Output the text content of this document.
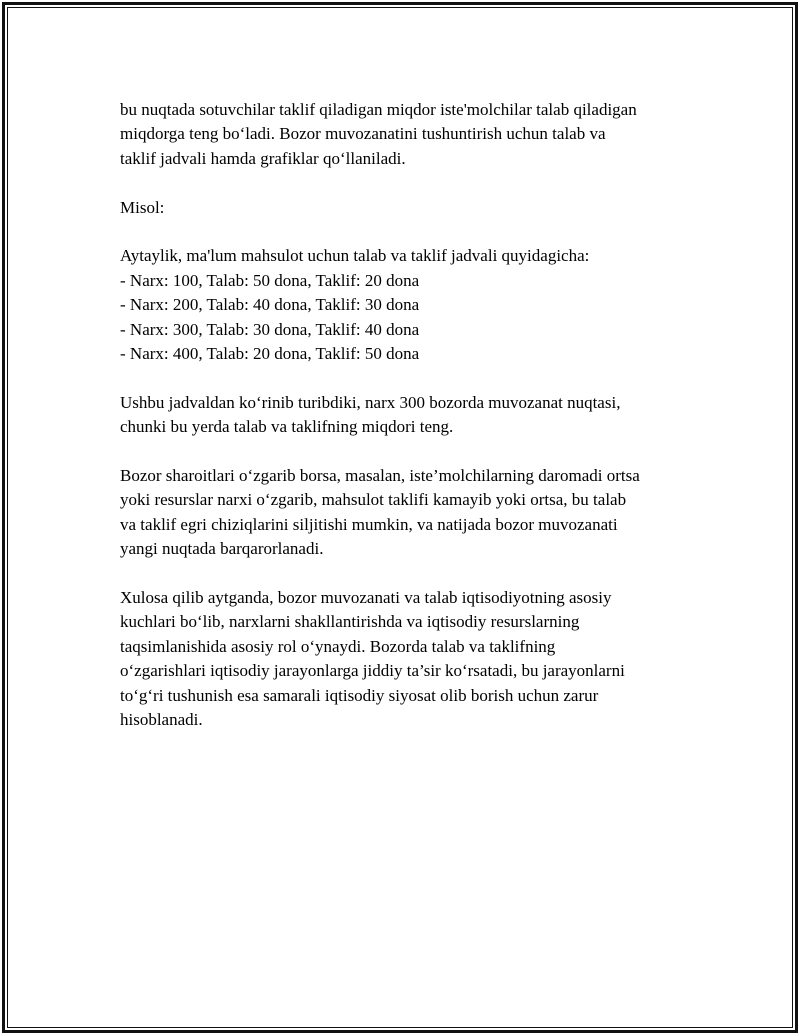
bu nuqtada sotuvchilar taklif qiladigan miqdor iste'molchilar talab qiladigan

miqdorga teng bo‘ladi. Bozor muvozanatini tushuntirish uchun talab va

taklif jadvali hamda grafiklar qo‘llaniladi.

Misol:

Aytaylik, ma'lum mahsulot uchun talab va taklif jadvali quyidagicha:

- Narx: 100, Talab: 50 dona, Taklif: 20 dona

- Narx: 200, Talab: 40 dona, Taklif: 30 dona

- Narx: 300, Talab: 30 dona, Taklif: 40 dona

- Narx: 400, Talab: 20 dona, Taklif: 50 dona

Ushbu jadvaldan ko‘rinib turibdiki, narx 300 bozorda muvozanat nuqtasi,

chunki bu yerda talab va taklifning miqdori teng.

Bozor sharoitlari o‘zgarib borsa, masalan, iste’molchilarning daromadi ortsa

yoki resurslar narxi o‘zgarib, mahsulot taklifi kamayib yoki ortsa, bu talab

va taklif egri chiziqlarini siljitishi mumkin, va natijada bozor muvozanati

yangi nuqtada barqarorlanadi.

Xulosa qilib aytganda, bozor muvozanati va talab iqtisodiyotning asosiy

kuchlari bo‘lib, narxlarni shakllantirishda va iqtisodiy resurslarning

taqsimlanishida asosiy rol o‘ynaydi. Bozorda talab va taklifning

o‘zgarishlari iqtisodiy jarayonlarga jiddiy ta’sir ko‘rsatadi, bu jarayonlarni

to‘g‘ri tushunish esa samarali iqtisodiy siyosat olib borish uchun zarur

hisoblanadi.
